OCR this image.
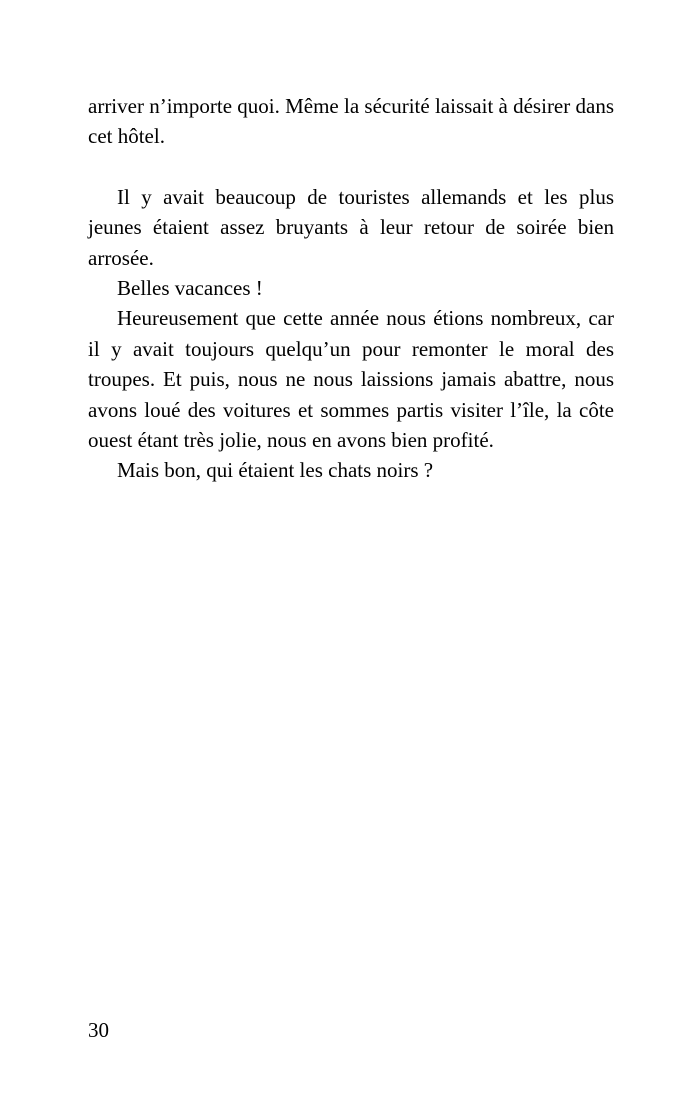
arriver n’importe quoi. Même la sécurité laissait à désirer dans cet hôtel.

Il y avait beaucoup de touristes allemands et les plus jeunes étaient assez bruyants à leur retour de soirée bien arrosée.

Belles vacances !

Heureusement que cette année nous étions nombreux, car il y avait toujours quelqu’un pour remonter le moral des troupes. Et puis, nous ne nous laissions jamais abattre, nous avons loué des voitures et sommes partis visiter l’île, la côte ouest étant très jolie, nous en avons bien profité.

Mais bon, qui étaient les chats noirs ?

30
